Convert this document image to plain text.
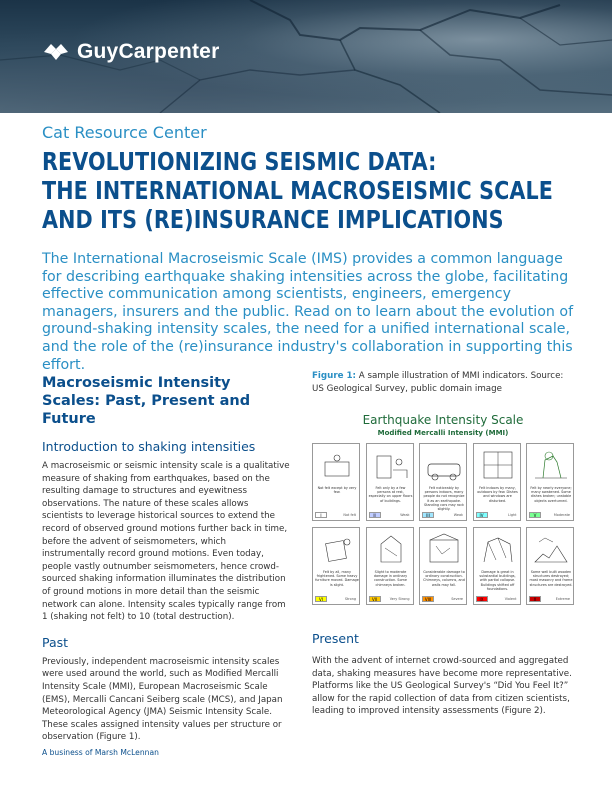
GuyCarpenter
Cat Resource Center
REVOLUTIONIZING SEISMIC DATA:
THE INTERNATIONAL MACROSEISMIC SCALE
AND ITS (RE)INSURANCE IMPLICATIONS
The International Macroseismic Scale (IMS) provides a common language for describing earthquake shaking intensities across the globe, facilitating effective communication among scientists, engineers, emergency managers, insurers and the public. Read on to learn about the evolution of ground-shaking intensity scales, the need for a unified international scale, and the role of the (re)insurance industry's collaboration in supporting this effort.
Macroseismic Intensity Scales: Past, Present and Future
Introduction to shaking intensities
A macroseismic or seismic intensity scale is a qualitative measure of shaking from earthquakes, based on the resulting damage to structures and eyewitness observations. The nature of these scales allows scientists to leverage historical sources to extend the record of observed ground motions further back in time, before the advent of seismometers, which instrumentally record ground motions. Even today, people vastly outnumber seismometers, hence crowd-sourced shaking information illuminates the distribution of ground motions in more detail than the seismic network can alone. Intensity scales typically range from 1 (shaking not felt) to 10 (total destruction).
Past
Previously, independent macroseismic intensity scales were used around the world, such as Modified Mercalli Intensity Scale (MMI), European Macroseismic Scale (EMS), Mercalli Cancani Seiberg scale (MCS), and Japan Meteorological Agency (JMA) Seismic Intensity Scale. These scales assigned intensity values per structure or observation (Figure 1).
Figure 1: A sample illustration of MMI indicators. Source: US Geological Survey, public domain image
Earthquake Intensity Scale
Modified Mercalli Intensity (MMI)
Not felt except by very few.
I	Not felt
Felt only by a few persons at rest, especially on upper floors of buildings.
II	Weak
Felt noticeably by persons indoors, many people do not recognize it as an earthquake. Standing cars may rock slightly.
III	Weak
Felt indoors by many, outdoors by few. Dishes and windows are disturbed.
IV	Light
Felt by nearly everyone; many awakened. Some dishes broken; unstable objects overturned.
V	Moderate
Felt by all, many frightened. Some heavy furniture moved. Damage is slight.
VI	Strong
Slight to moderate damage in ordinary construction. Some chimneys broken.
VII	Very Strong
Considerable damage to ordinary construction. Chimneys, columns, and walls may fall.
VIII	Severe
Damage is great in substantial buildings, with partial collapse. Buildings shifted off foundations.
IX	Violent
Some well built wooden structures destroyed; most masonry and frame structures are destroyed.
X	Extreme
Present
With the advent of internet crowd-sourced and aggregated data, shaking measures have become more representative. Platforms like the US Geological Survey's “Did You Feel It?” allow for the rapid collection of data from citizen scientists, leading to improved intensity assessments (Figure 2).
A business of Marsh McLennan
